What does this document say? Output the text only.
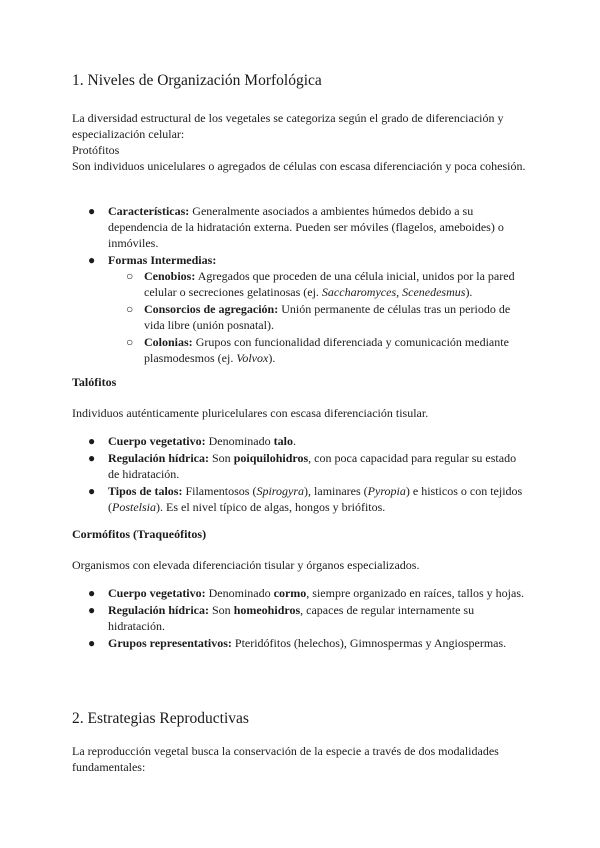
1. Niveles de Organización Morfológica

La diversidad estructural de los vegetales se categoriza según el grado de diferenciación y especialización celular:

Protófitos

Son individuos unicelulares o agregados de células con escasa diferenciación y poca cohesión.

●	Características: Generalmente asociados a ambientes húmedos debido a su dependencia de la hidratación externa. Pueden ser móviles (flagelos, ameboides) o inmóviles.
●	Formas Intermedias:
○ Cenobios: Agregados que proceden de una célula inicial, unidos por la pared celular o secreciones gelatinosas (ej. Saccharomyces, Scenedesmus).
○ Consorcios de agregación: Unión permanente de células tras un periodo de vida libre (unión posnatal).
○ Colonias: Grupos con funcionalidad diferenciada y comunicación mediante plasmodesmos (ej. Volvox).
Talófitos

Individuos auténticamente pluricelulares con escasa diferenciación tisular.

●	Cuerpo vegetativo: Denominado talo.
●	Regulación hídrica: Son poiquilohidros, con poca capacidad para regular su estado de hidratación.
●	Tipos de talos: Filamentosos (Spirogyra), laminares (Pyropia) e histicos o con tejidos (Postelsia). Es el nivel típico de algas, hongos y briófitos.
Cormófitos (Traqueófitos)

Organismos con elevada diferenciación tisular y órganos especializados.

●	Cuerpo vegetativo: Denominado cormo, siempre organizado en raíces, tallos y hojas.
●	Regulación hídrica: Son homeohidros, capaces de regular internamente su hidratación.
●	Grupos representativos: Pteridófitos (helechos), Gimnospermas y Angiospermas.
2. Estrategias Reproductivas

La reproducción vegetal busca la conservación de la especie a través de dos modalidades fundamentales:
